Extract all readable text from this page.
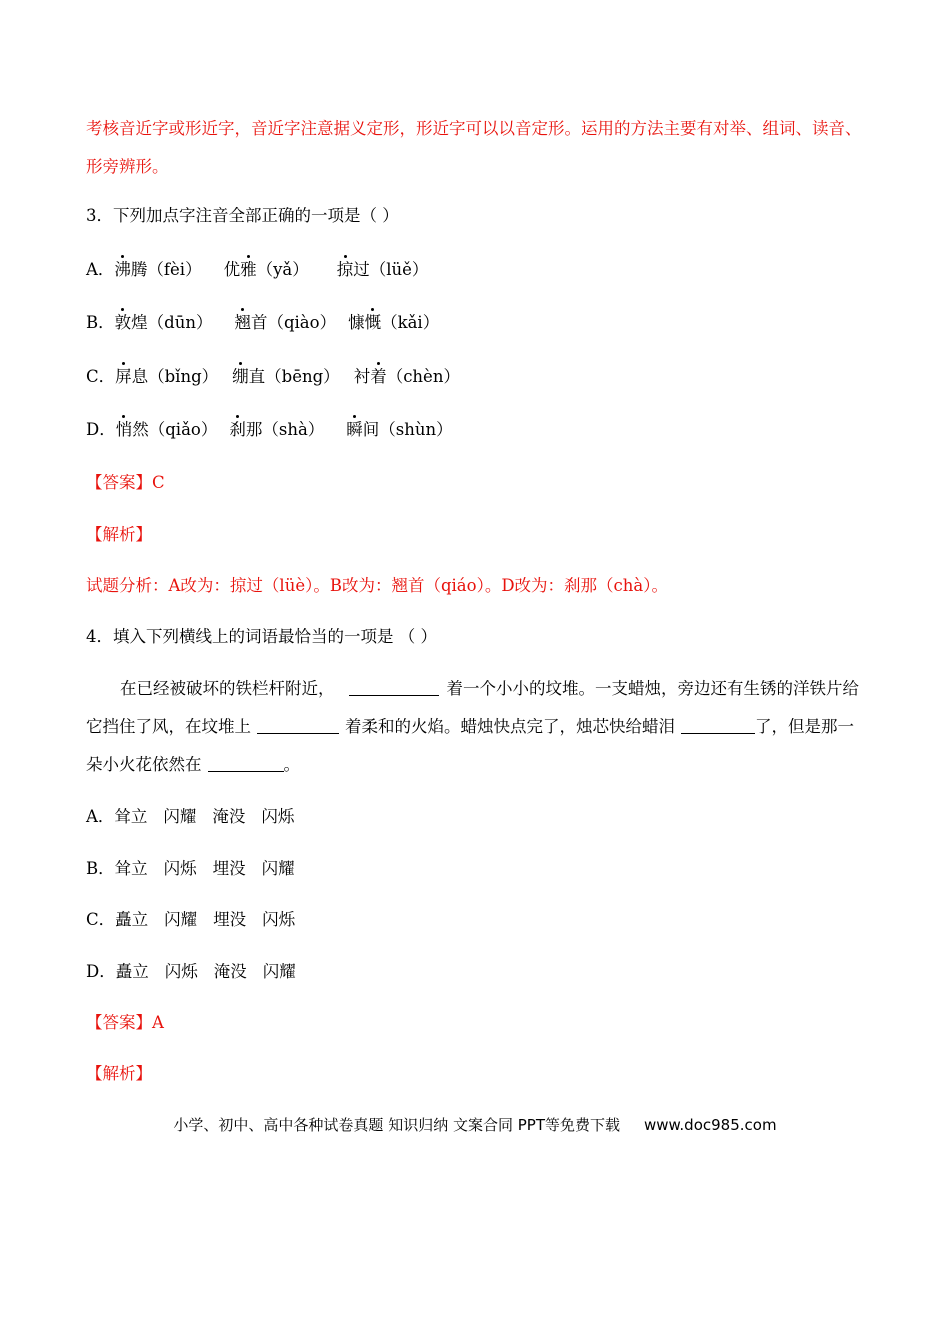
考核音近字或形近字，音近字注意据义定形，形近字可以以音定形。运用的方法主要有对举、组词、读音、
形旁辨形。
3．下列加点字注音全部正确的一项是（ ）
A．沸腾（fèi） 优雅（yǎ） 掠过（lüě）
B．敦煌（dūn） 翘首（qiào） 慷慨（kǎi）
C．屏息（bǐng） 绷直（bēng） 衬着（chèn）
D．悄然（qiǎo） 刹那（shà） 瞬间（shùn）
【答案】C
【解析】
试题分析：A改为：掠过（lüè）。B改为：翘首（qiáo）。D改为：刹那（chà）。
4．填入下列横线上的词语最恰当的一项是 （ ）
在已经被破坏的铁栏杆附近，	着一个小小的坟堆。一支蜡烛，旁边还有生锈的洋铁片给
它挡住了风，在坟堆上	着柔和的火焰。蜡烛快点完了，烛芯快给蜡泪	了，但是那一
朵小火花依然在	。
A．耸立 闪耀 淹没 闪烁
B．耸立 闪烁 埋没 闪耀
C．矗立 闪耀 埋没 闪烁
D．矗立 闪烁 淹没 闪耀
【答案】A
【解析】
小学、初中、高中各种试卷真题 知识归纳 文案合同 PPT等免费下载 www.doc985.com
